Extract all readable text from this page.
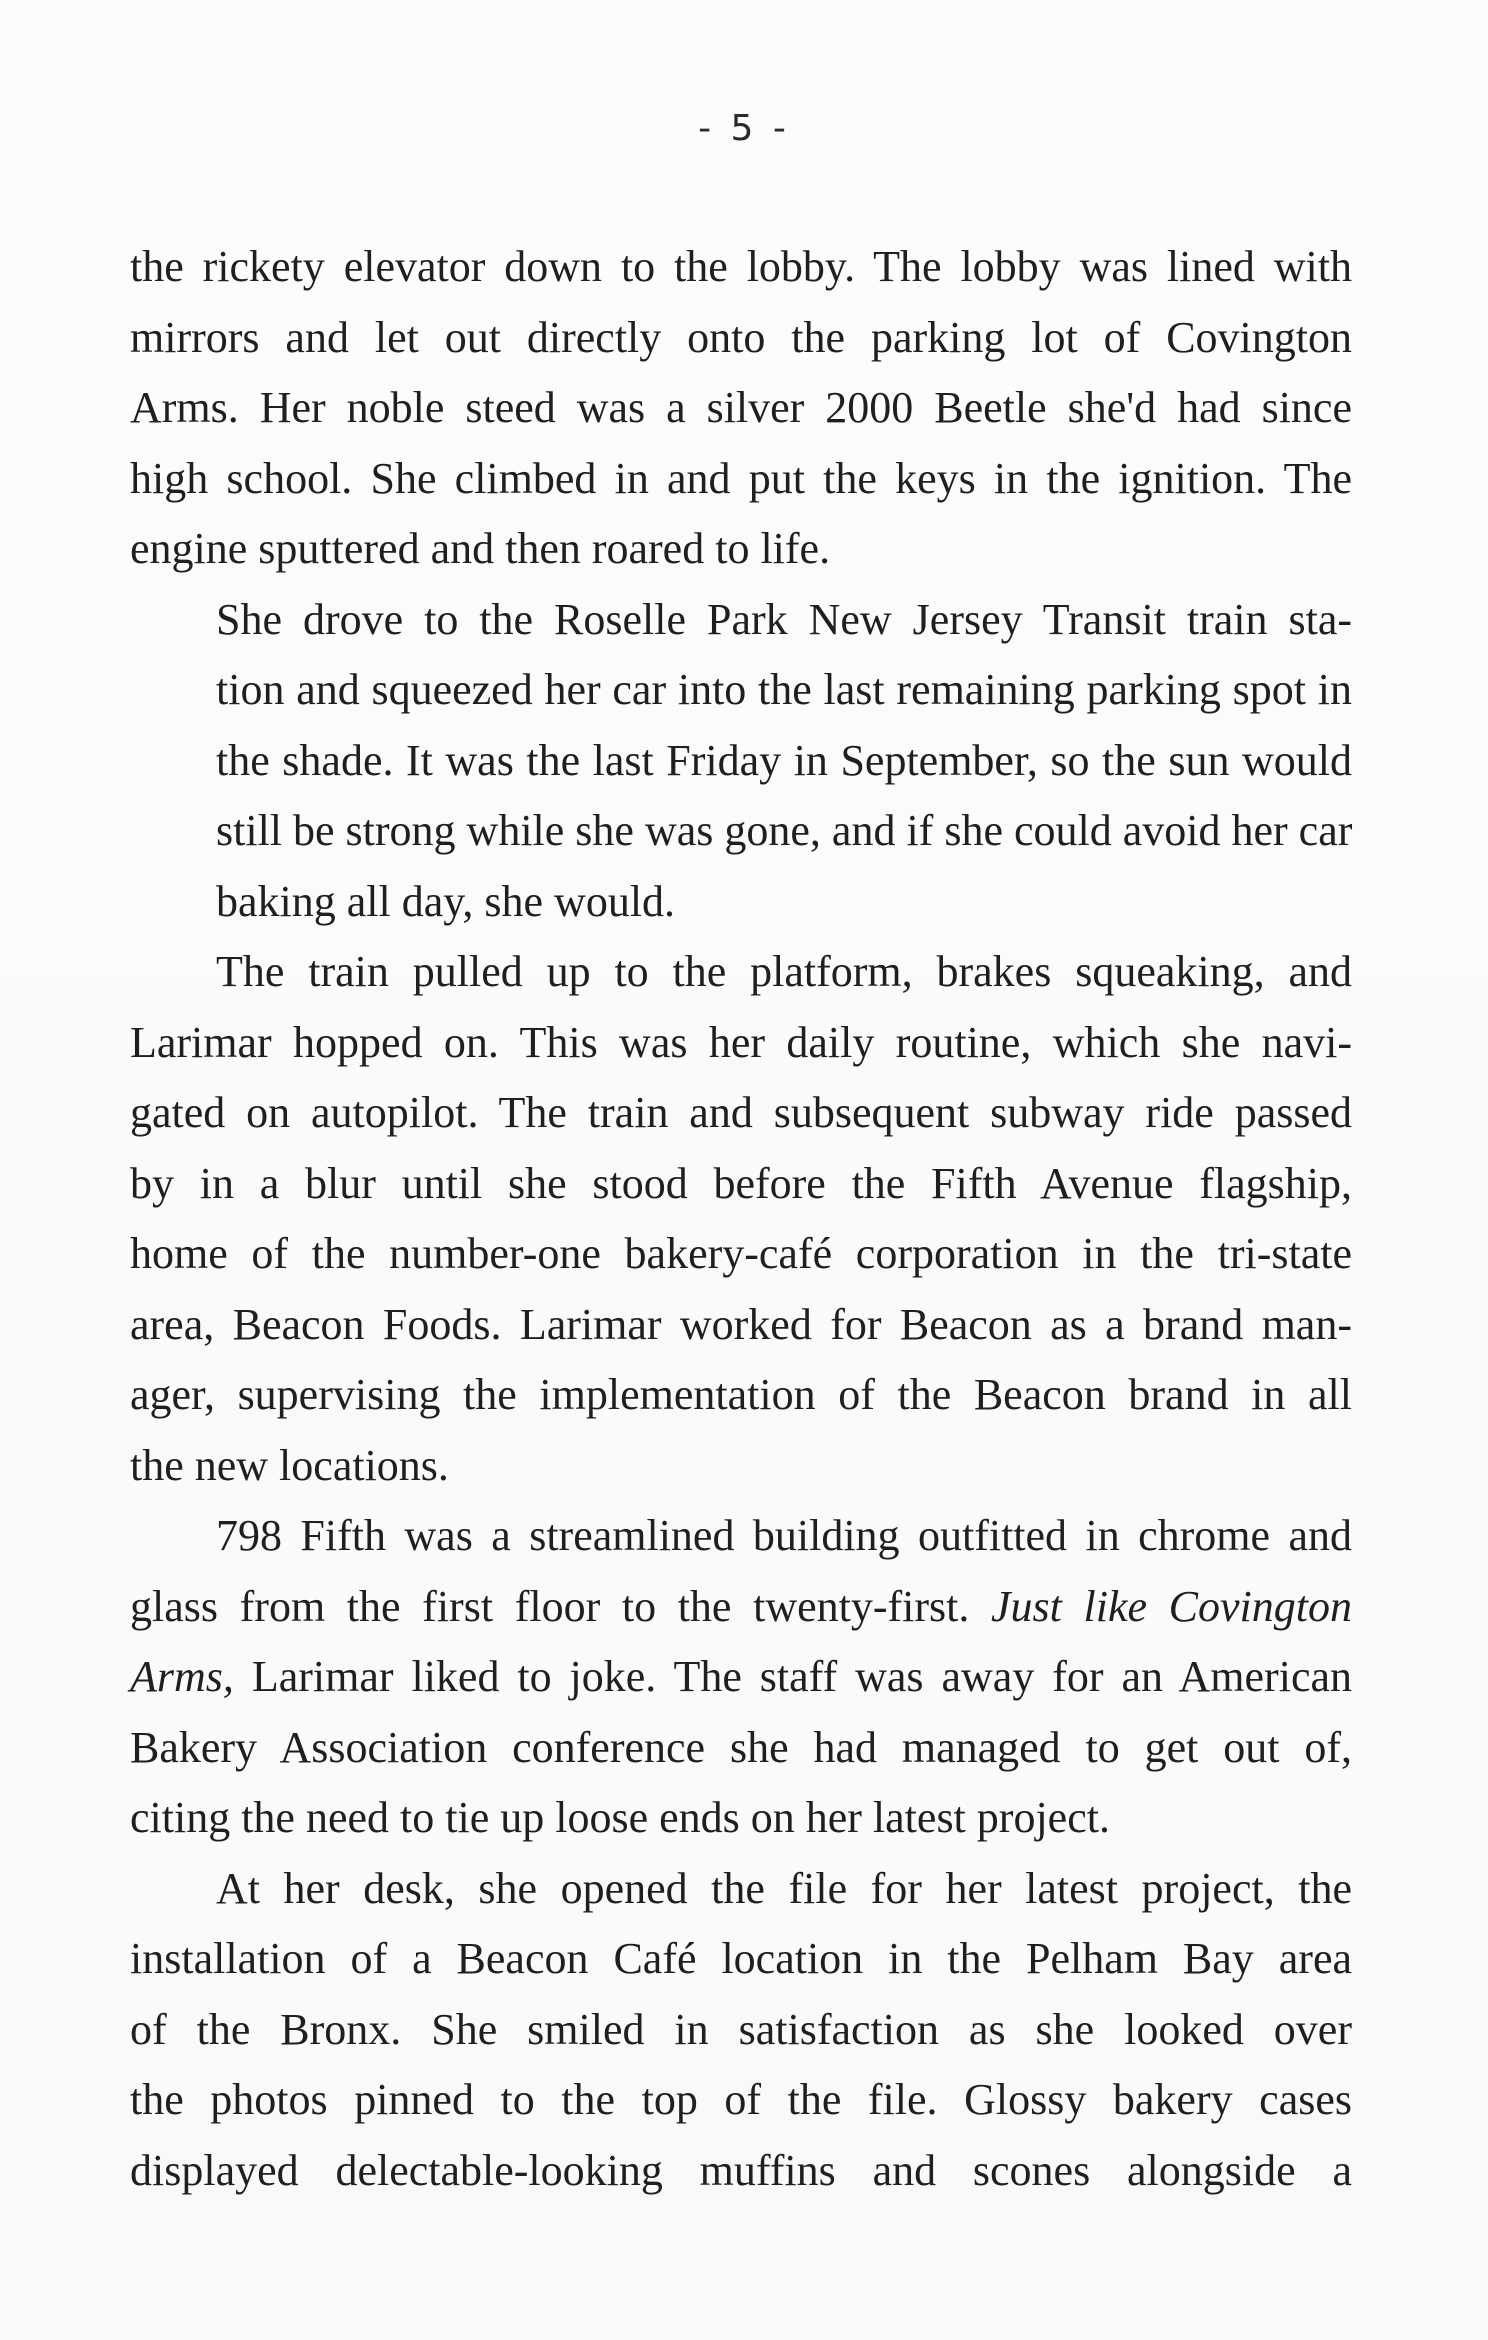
- 5 -

the rickety elevator down to the lobby. The lobby was lined with
mirrors and let out directly onto the parking lot of Covington
Arms. Her noble steed was a silver 2000 Beetle she'd had since
high school. She climbed in and put the keys in the ignition. The
engine sputtered and then roared to life.

She drove to the Roselle Park New Jersey Transit train sta-
tion and squeezed her car into the last remaining parking spot in
the shade. It was the last Friday in September, so the sun would
still be strong while she was gone, and if she could avoid her car
baking all day, she would.

The train pulled up to the platform, brakes squeaking, and
Larimar hopped on. This was her daily routine, which she navi-
gated on autopilot. The train and subsequent subway ride passed
by in a blur until she stood before the Fifth Avenue flagship,
home of the number-one bakery-café corporation in the tri-state
area, Beacon Foods. Larimar worked for Beacon as a brand man-
ager, supervising the implementation of the Beacon brand in all
the new locations.

798 Fifth was a streamlined building outfitted in chrome and
glass from the first floor to the twenty-first. Just like Covington
Arms, Larimar liked to joke. The staff was away for an American
Bakery Association conference she had managed to get out of,
citing the need to tie up loose ends on her latest project.

At her desk, she opened the file for her latest project, the
installation of a Beacon Café location in the Pelham Bay area
of the Bronx. She smiled in satisfaction as she looked over
the photos pinned to the top of the file. Glossy bakery cases
displayed delectable-looking muffins and scones alongside a
